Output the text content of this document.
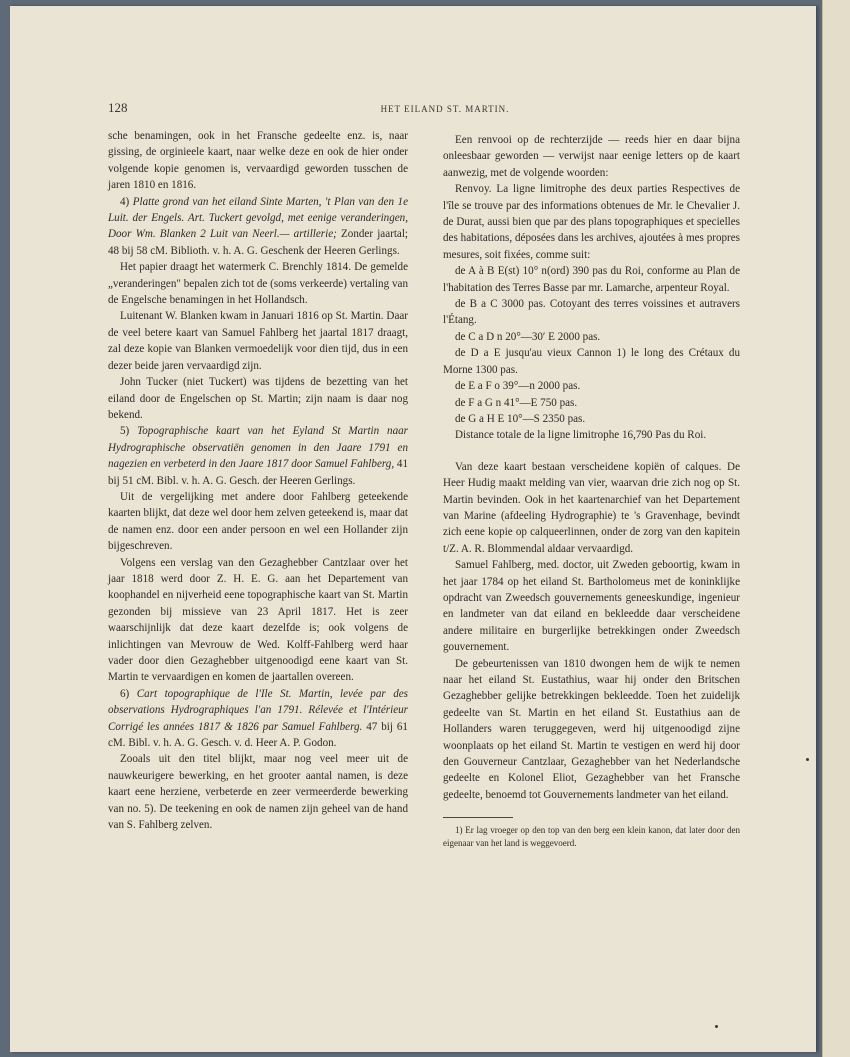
128	HET EILAND ST. MARTIN.

sche benamingen, ook in het Fransche gedeelte enz. is, naar gissing, de orginieele kaart, naar welke deze en ook de hier onder volgende kopie genomen is, vervaardigd geworden tusschen de jaren 1810 en 1816.

4) Platte grond van het eiland Sinte Marten, 't Plan van den 1e Luit. der Engels. Art. Tuckert gevolgd, met eenige veranderingen, Door Wm. Blanken 2 Luit van Neerl.— artillerie; Zonder jaartal; 48 bij 58 cM. Biblioth. v. h. A. G. Geschenk der Heeren Gerlings.

Het papier draagt het watermerk C. Brenchly 1814. De gemelde „veranderingen" bepalen zich tot de (soms verkeerde) vertaling van de Engelsche benamingen in het Hollandsch.

Luitenant W. Blanken kwam in Januari 1816 op St. Martin. Daar de veel betere kaart van Samuel Fahlberg het jaartal 1817 draagt, zal deze kopie van Blanken vermoedelijk voor dien tijd, dus in een dezer beide jaren vervaardigd zijn.

John Tucker (niet Tuckert) was tijdens de bezetting van het eiland door de Engelschen op St. Martin; zijn naam is daar nog bekend.

5) Topographische kaart van het Eyland St Martin naar Hydrographische observatiën genomen in den Jaare 1791 en nagezien en verbeterd in den Jaare 1817 door Samuel Fahlberg, 41 bij 51 cM. Bibl. v. h. A. G. Gesch. der Heeren Gerlings.

Uit de vergelijking met andere door Fahlberg geteekende kaarten blijkt, dat deze wel door hem zelven geteekend is, maar dat de namen enz. door een ander persoon en wel een Hollander zijn bijgeschreven.

Volgens een verslag van den Gezaghebber Cantzlaar over het jaar 1818 werd door Z. H. E. G. aan het Departement van koophandel en nijverheid eene topographische kaart van St. Martin gezonden bij missieve van 23 April 1817. Het is zeer waarschijnlijk dat deze kaart dezelfde is; ook volgens de inlichtingen van Mevrouw de Wed. Kolff-Fahlberg werd haar vader door dien Gezaghebber uitgenoodigd eene kaart van St. Martin te vervaardigen en komen de jaartallen overeen.

6) Cart topographique de l'Ile St. Martin, levée par des observations Hydrographiques l'an 1791. Rélevée et l'Intérieur Corrigé les années 1817 & 1826 par Samuel Fahlberg. 47 bij 61 cM. Bibl. v. h. A. G. Gesch. v. d. Heer A. P. Godon.

Zooals uit den titel blijkt, maar nog veel meer uit de nauwkeurigere bewerking, en het grooter aantal namen, is deze kaart eene herziene, verbeterde en zeer vermeerderde bewerking van no. 5). De teekening en ook de namen zijn geheel van de hand van S. Fahlberg zelven.

Een renvooi op de rechterzijde — reeds hier en daar bijna onleesbaar geworden — verwijst naar eenige letters op de kaart aanwezig, met de volgende woorden:

Renvoy. La ligne limitrophe des deux parties Respectives de l'île se trouve par des informations obtenues de Mr. le Chevalier J. de Durat, aussi bien que par des plans topographiques et specielles des habitations, déposées dans les archives, ajoutées à mes propres mesures, soit fixées, comme suit:

de A à B E(st) 10° n(ord) 390 pas du Roi, conforme au Plan de l'habitation des Terres Basse par mr. Lamarche, arpenteur Royal.

de B a C 3000 pas. Cotoyant des terres voissines et autravers l'Étang.

de C a D n 20°—30′ E 2000 pas.

de D a E jusqu'au vieux Cannon 1) le long des Crétaux du Morne 1300 pas.

de E a F o 39°—n 2000 pas.

de F a G n 41°—E 750 pas.

de G a H E 10°—S 2350 pas.

Distance totale de la ligne limitrophe 16,790 Pas du Roi.

Van deze kaart bestaan verscheidene kopiën of calques. De Heer Hudig maakt melding van vier, waarvan drie zich nog op St. Martin bevinden. Ook in het kaartenarchief van het Departement van Marine (afdeeling Hydrographie) te 's Gravenhage, bevindt zich eene kopie op calqueerlinnen, onder de zorg van den kapitein t/Z. A. R. Blommendal aldaar vervaardigd.

Samuel Fahlberg, med. doctor, uit Zweden geboortig, kwam in het jaar 1784 op het eiland St. Bartholomeus met de koninklijke opdracht van Zweedsch gouvernements geneeskundige, ingenieur en landmeter van dat eiland en bekleedde daar verscheidene andere militaire en burgerlijke betrekkingen onder Zweedsch gouvernement.

De gebeurtenissen van 1810 dwongen hem de wijk te nemen naar het eiland St. Eustathius, waar hij onder den Britschen Gezaghebber gelijke betrekkingen bekleedde. Toen het zuidelijk gedeelte van St. Martin en het eiland St. Eustathius aan de Hollanders waren teruggegeven, werd hij uitgenoodigd zijne woonplaats op het eiland St. Martin te vestigen en werd hij door den Gouverneur Cantzlaar, Gezaghebber van het Nederlandsche gedeelte en Kolonel Eliot, Gezaghebber van het Fransche gedeelte, benoemd tot Gouvernements landmeter van het eiland.

1) Er lag vroeger op den top van den berg een klein kanon, dat later door den eigenaar van het land is weggevoerd.
